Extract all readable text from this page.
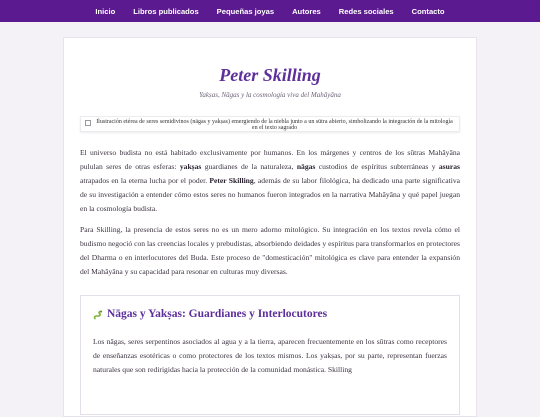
Inicio Libros publicados Pequeñas joyas Autores Redes sociales Contacto
Peter Skilling
Yakṣas, Nāgas y la cosmología viva del Mahāyāna
Ilustración etérea de seres semidivinos (nāgas y yakṣas) emergiendo de la niebla junto a un sūtra abierto, simbolizando la integración de la mitología en el texto sagrado

El universo budista no está habitado exclusivamente por humanos. En los márgenes y centros de los sūtras Mahāyāna pululan seres de otras esferas: yakṣas guardianes de la naturaleza, nāgas custodios de espíritus subterráneas y asuras atrapados en la eterna lucha por el poder. Peter Skilling, además de su labor filológica, ha dedicado una parte significativa de su investigación a entender cómo estos seres no humanos fueron integrados en la narrativa Mahāyāna y qué papel juegan en la cosmología budista.

Para Skilling, la presencia de estos seres no es un mero adorno mitológico. Su integración en los textos revela cómo el budismo negoció con las creencias locales y prebudistas, absorbiendo deidades y espíritus para transformarlos en protectores del Dharma o en interlocutores del Buda. Este proceso de "domesticación" mitológica es clave para entender la expansión del Mahāyāna y su capacidad para resonar en culturas muy diversas.

Nāgas y Yakṣas: Guardianes y Interlocutores

Los nāgas, seres serpentinos asociados al agua y a la tierra, aparecen frecuentemente en los sūtras como receptores de enseñanzas esotéricas o como protectores de los textos mismos. Los yakṣas, por su parte, representan fuerzas naturales que son redirigidas hacia la protección de la comunidad monástica. Skilling
